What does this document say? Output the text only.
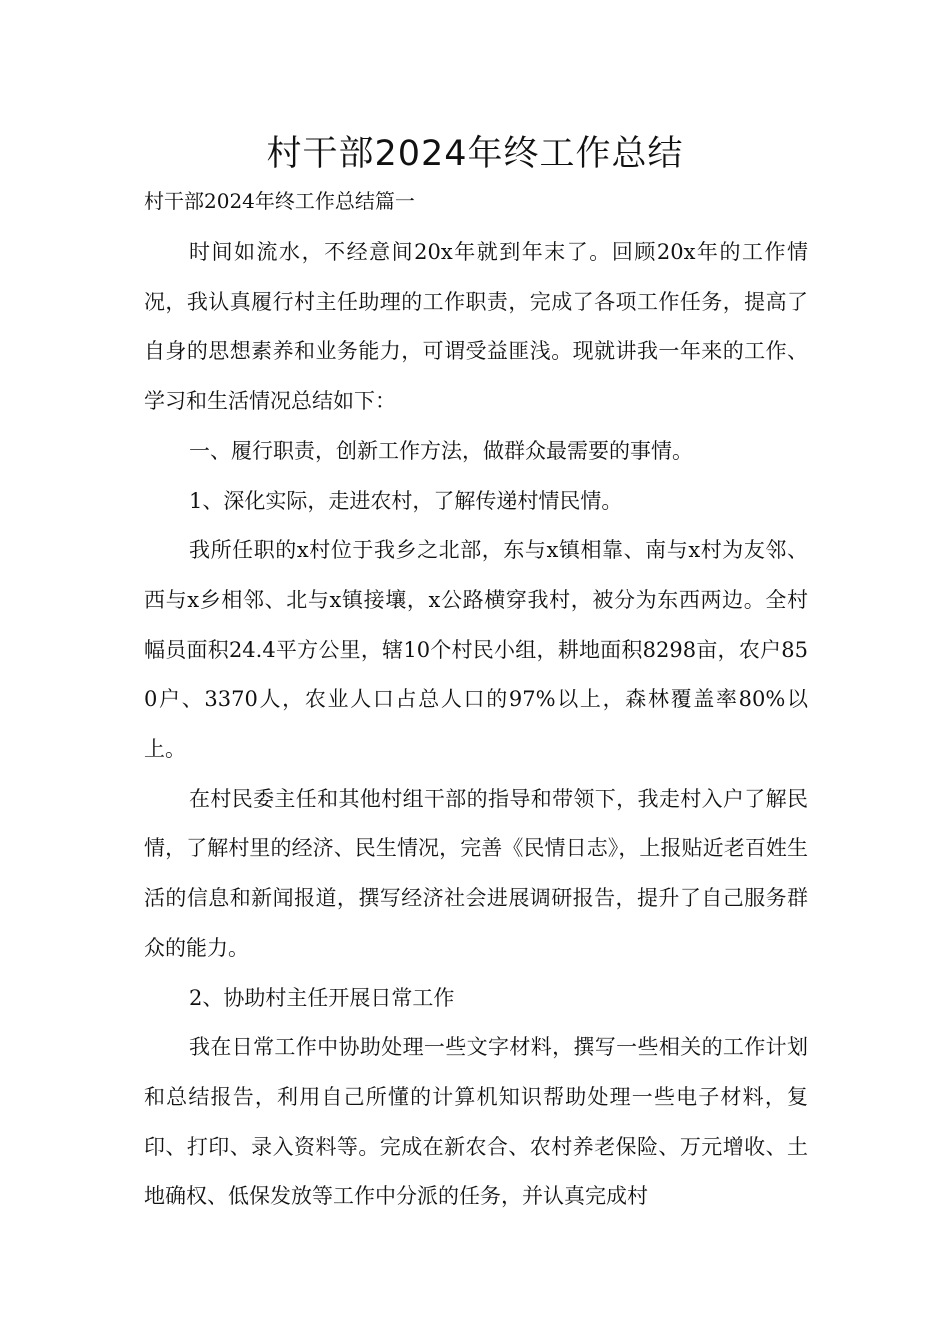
村干部2024年终工作总结

村干部2024年终工作总结篇一

时间如流水，不经意间20x年就到年末了。回顾20x年的工作情况，我认真履行村主任助理的工作职责，完成了各项工作任务，提高了自身的思想素养和业务能力，可谓受益匪浅。现就讲我一年来的工作、学习和生活情况总结如下：

一、履行职责，创新工作方法，做群众最需要的事情。

1、深化实际，走进农村，了解传递村情民情。

我所任职的x村位于我乡之北部，东与x镇相靠、南与x村为友邻、西与x乡相邻、北与x镇接壤，x公路横穿我村，被分为东西两边。全村幅员面积24.4平方公里，辖10个村民小组，耕地面积8298亩，农户850户、3370人，农业人口占总人口的97%以上，森林覆盖率80%以上。

在村民委主任和其他村组干部的指导和带领下，我走村入户了解民情，了解村里的经济、民生情况，完善《民情日志》，上报贴近老百姓生活的信息和新闻报道，撰写经济社会进展调研报告，提升了自己服务群众的能力。

2、协助村主任开展日常工作

我在日常工作中协助处理一些文字材料，撰写一些相关的工作计划和总结报告，利用自己所懂的计算机知识帮助处理一些电子材料，复印、打印、录入资料等。完成在新农合、农村养老保险、万元增收、土地确权、低保发放等工作中分派的任务，并认真完成村
